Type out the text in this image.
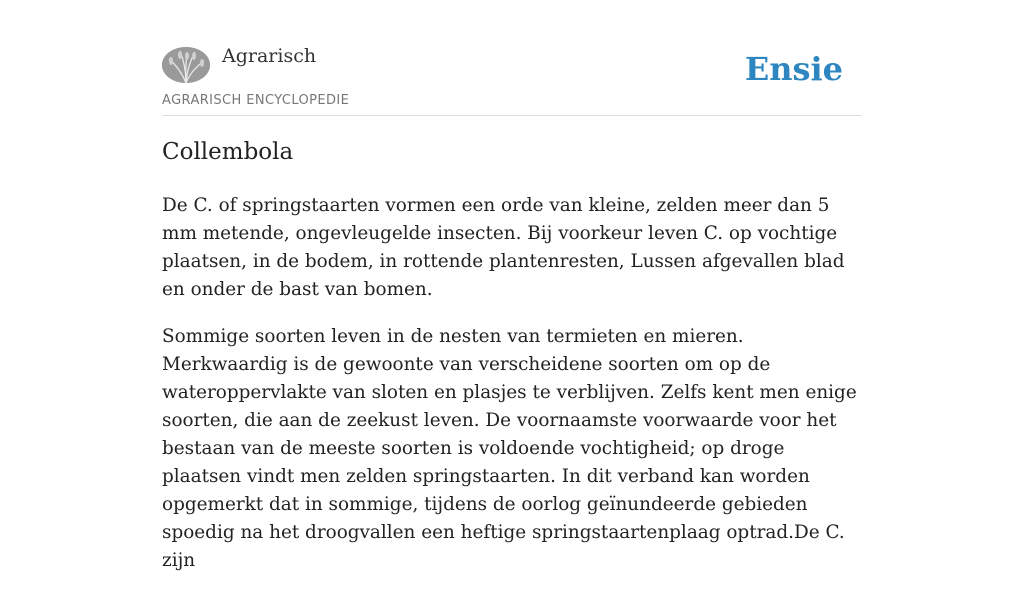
Agrarisch
AGRARISCH ENCYCLOPEDIE
Ensie
Collembola

De C. of springstaarten vormen een orde van kleine, zelden meer dan 5 mm metende, ongevleugelde insecten. Bij voorkeur leven C. op vochtige plaatsen, in de bodem, in rottende plantenresten, Lussen afgevallen blad en onder de bast van bomen.

Sommige soorten leven in de nesten van termieten en mieren. Merkwaardig is de gewoonte van verscheidene soorten om op de wateroppervlakte van sloten en plasjes te verblijven. Zelfs kent men enige soorten, die aan de zeekust leven. De voornaamste voorwaarde voor het bestaan van de meeste soorten is voldoende vochtigheid; op droge plaatsen vindt men zelden springstaarten. In dit verband kan worden opgemerkt dat in sommige, tijdens de oorlog geïnundeerde gebieden spoedig na het droogvallen een heftige springstaartenplaag optrad.De C. zijn
